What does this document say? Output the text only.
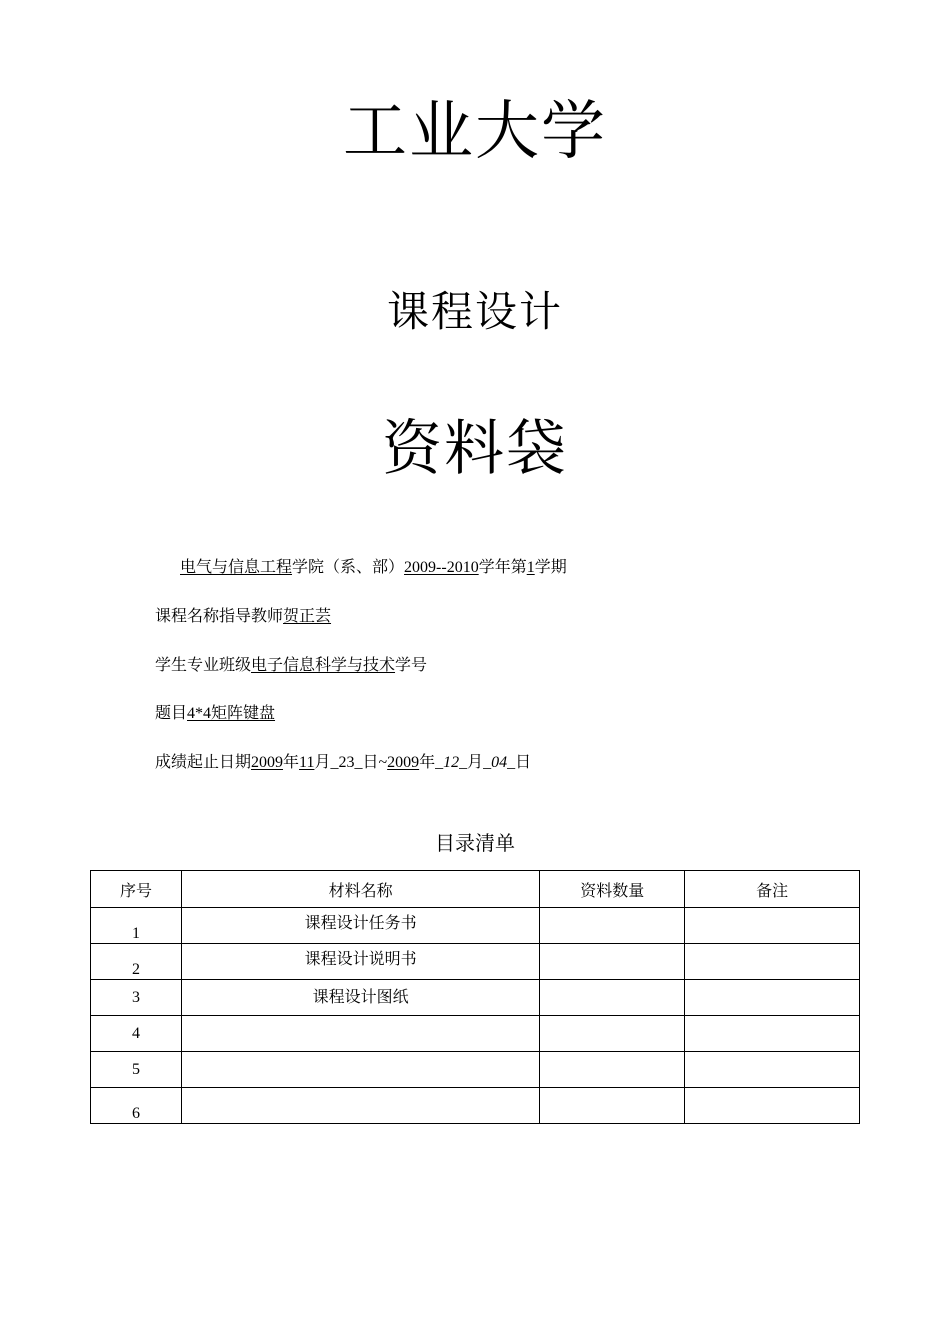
工业大学
课程设计
资料袋
电气与信息工程学院（系、部）2009--2010学年第1学期
课程名称指导教师贺正芸
学生专业班级电子信息科学与技术学号
题目4*4矩阵键盘
成绩起止日期2009年11月_23_日~2009年_12_月_04_日
目录清单
序号	材料名称	资料数量	备注

1	课程设计任务书		

2	课程设计说明书		

3	课程设计图纸		

4			

5			

6			
